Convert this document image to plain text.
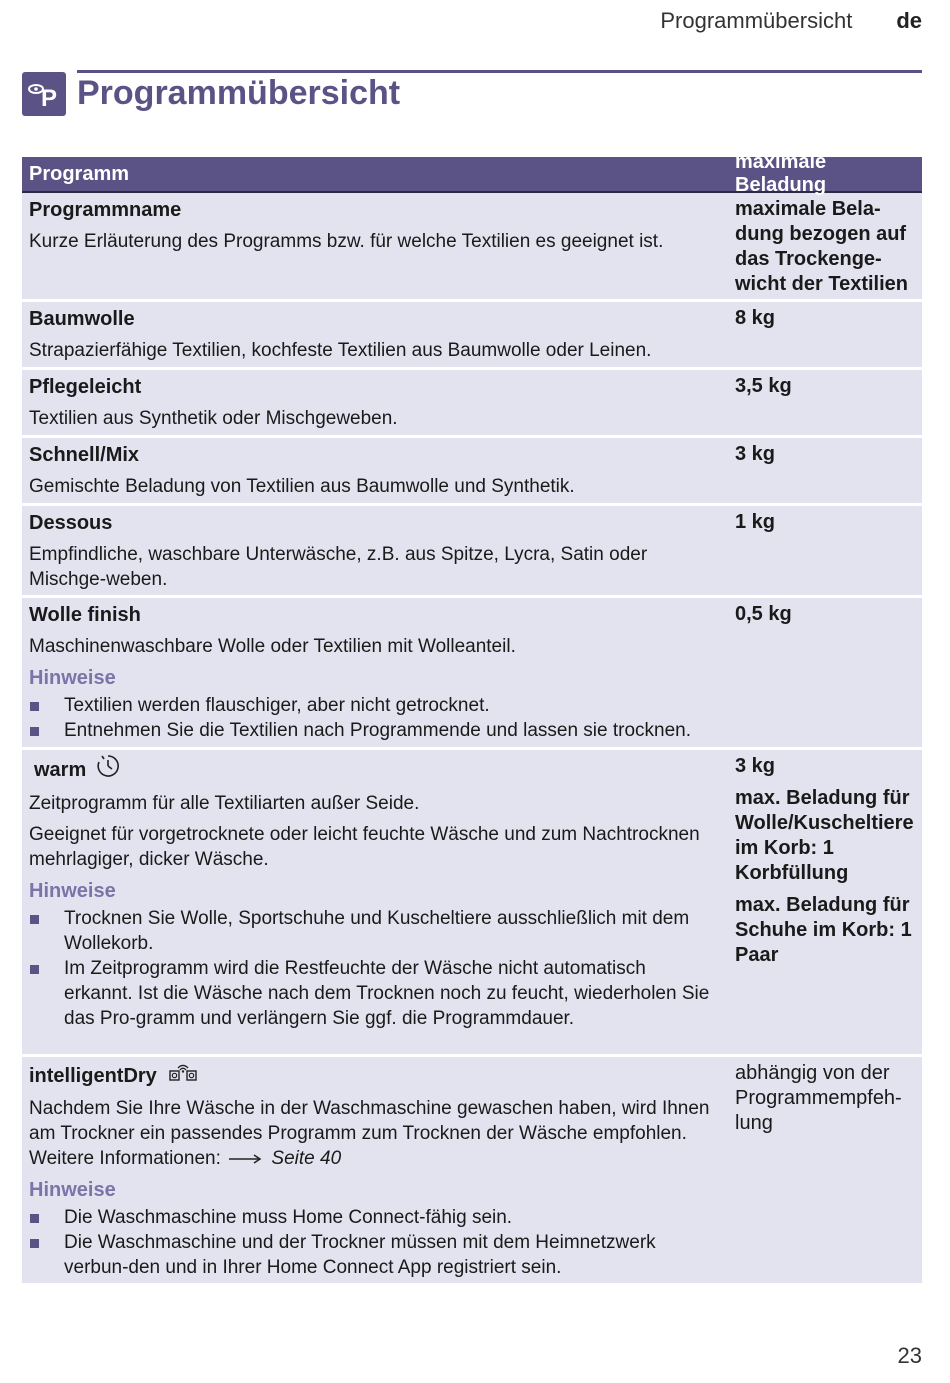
Programmübersicht de
P Programmübersicht
Programm
maximale Beladung
Programmname
Kurze Erläuterung des Programms bzw. für welche Textilien es geeignet ist.
maximale Bela-dung bezogen auf das Trockenge-wicht der Textilien
Baumwolle
Strapazierfähige Textilien, kochfeste Textilien aus Baumwolle oder Leinen.
8 kg
Pflegeleicht
Textilien aus Synthetik oder Mischgeweben.
3,5 kg
Schnell/Mix
Gemischte Beladung von Textilien aus Baumwolle und Synthetik.
3 kg
Dessous
Empfindliche, waschbare Unterwäsche, z.B. aus Spitze, Lycra, Satin oder Mischge-weben.
1 kg
Wolle finish
Maschinenwaschbare Wolle oder Textilien mit Wolleanteil.
Hinweise
Textilien werden flauschiger, aber nicht getrocknet.
Entnehmen Sie die Textilien nach Programmende und lassen sie trocknen.
0,5 kg
warm
Zeitprogramm für alle Textiliarten außer Seide.
Geeignet für vorgetrocknete oder leicht feuchte Wäsche und zum Nachtrocknen mehrlagiger, dicker Wäsche.
Hinweise
Trocknen Sie Wolle, Sportschuhe und Kuscheltiere ausschließlich mit dem Wollekorb.
Im Zeitprogramm wird die Restfeuchte der Wäsche nicht automatisch erkannt. Ist die Wäsche nach dem Trocknen noch zu feucht, wiederholen Sie das Pro-gramm und verlängern Sie ggf. die Programmdauer.
3 kg
max. Beladung für Wolle/Kuscheltiere im Korb: 1 Korbfüllung
max. Beladung für Schuhe im Korb: 1 Paar
intelligentDry
Nachdem Sie Ihre Wäsche in der Waschmaschine gewaschen haben, wird Ihnen am Trockner ein passendes Programm zum Trocknen der Wäsche empfohlen.
Weitere Informationen:	Seite 40
Hinweise
Die Waschmaschine muss Home Connect-fähig sein.
Die Waschmaschine und der Trockner müssen mit dem Heimnetzwerk verbun-den und in Ihrer Home Connect App registriert sein.
abhängig von der Programmempfeh-lung
23
